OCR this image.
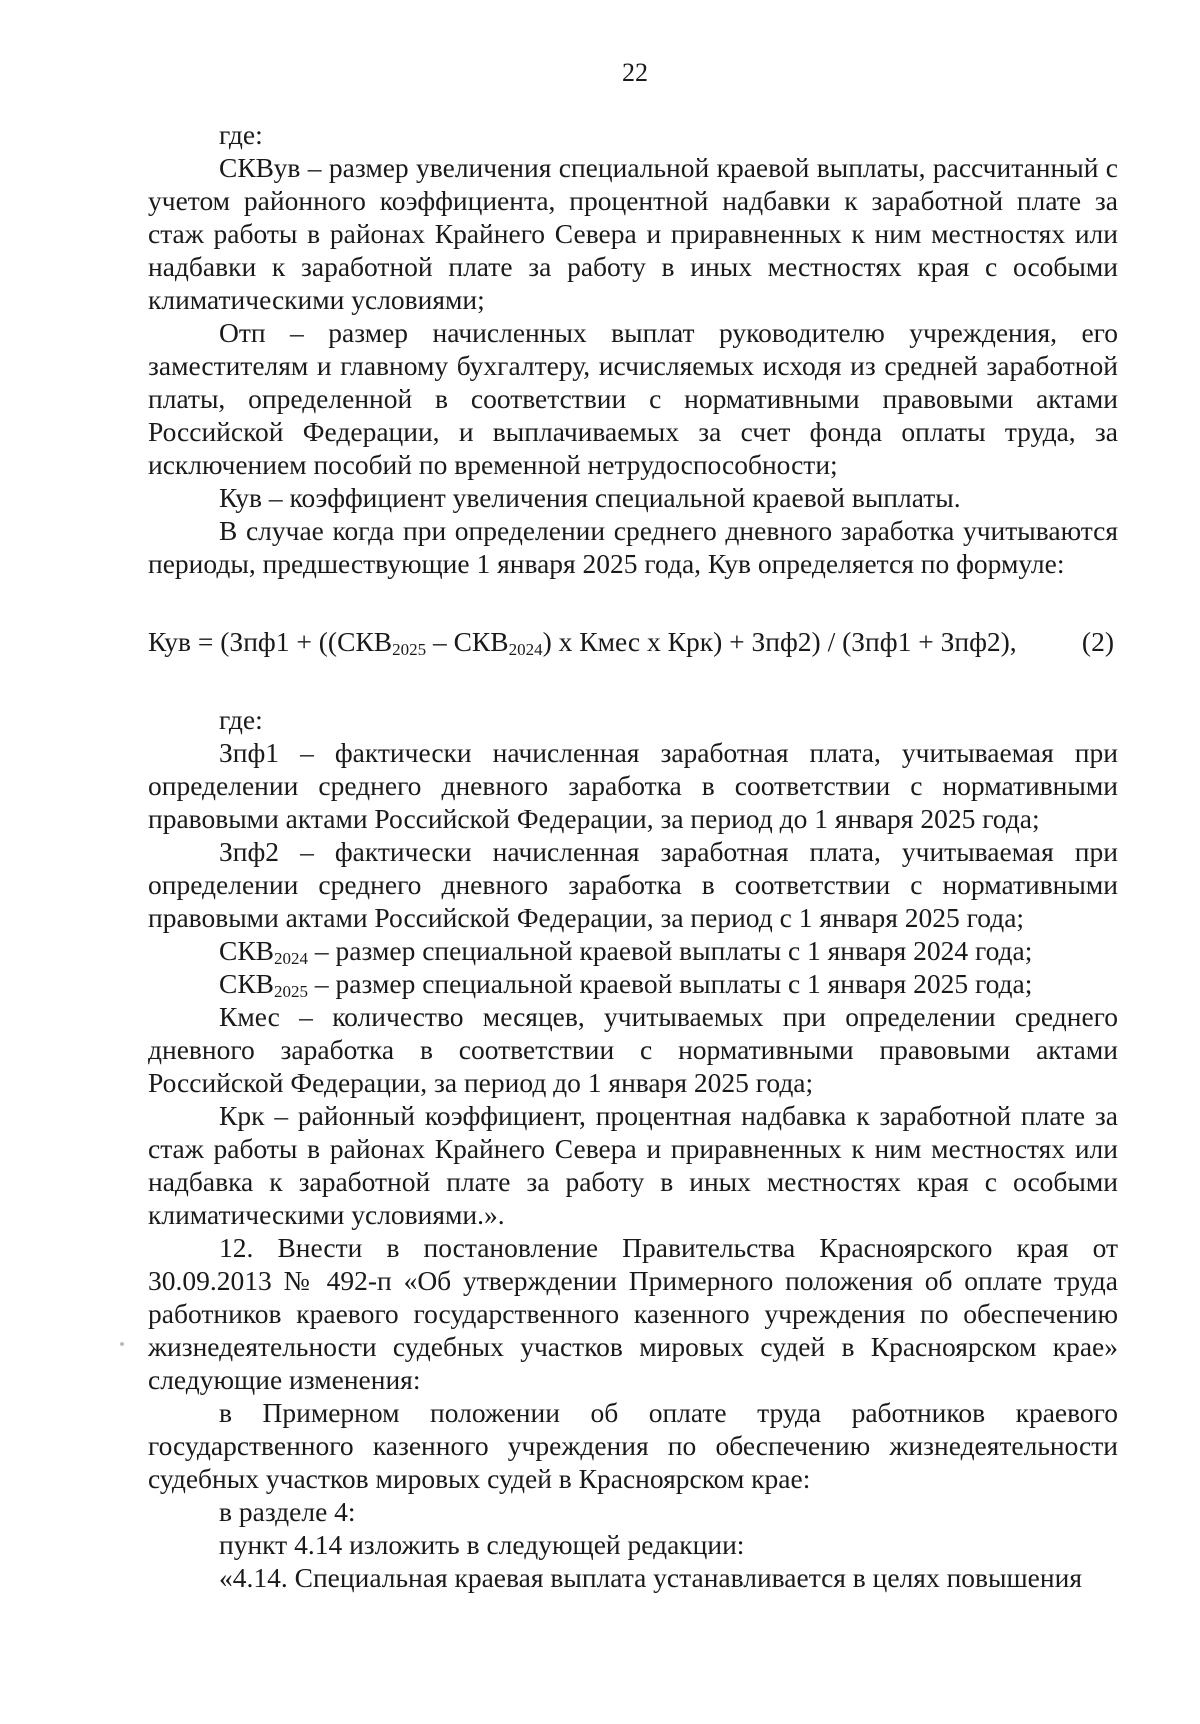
22

где:

СКВув – размер увеличения специальной краевой выплаты, рассчитанный с учетом районного коэффициента, процентной надбавки к заработной плате за стаж работы в районах Крайнего Севера и приравненных к ним местностях или надбавки к заработной плате за работу в иных местностях края с особыми климатическими условиями;

Отп – размер начисленных выплат руководителю учреждения, его заместителям и главному бухгалтеру, исчисляемых исходя из средней заработной платы, определенной в соответствии с нормативными правовыми актами Российской Федерации, и выплачиваемых за счет фонда оплаты труда, за исключением пособий по временной нетрудоспособности;

Кув – коэффициент увеличения специальной краевой выплаты.

В случае когда при определении среднего дневного заработка учитываются периоды, предшествующие 1 января 2025 года, Кув определяется по формуле:

Кув = ($Зпф1 + ((СКВ_{2025} - СКВ_{2024})$ х Кмес х Крк) + Зпф2) / (Зпф1 + Зпф2), (2)

где:

Зпф1 – фактически начисленная заработная плата, учитываемая при определении среднего дневного заработка в соответствии с нормативными правовыми актами Российской Федерации, за период до 1 января 2025 года;

Зпф2 – фактически начисленная заработная плата, учитываемая при определении среднего дневного заработка в соответствии с нормативными правовыми актами Российской Федерации, за период с 1 января 2025 года;

$СКВ_{2024}$ – размер специальной краевой выплаты с 1 января 2024 года;

$СКВ_{2025}$ – размер специальной краевой выплаты с 1 января 2025 года;

Кмес – количество месяцев, учитываемых при определении среднего дневного заработка в соответствии с нормативными правовыми актами Российской Федерации, за период до 1 января 2025 года;

Крк – районный коэффициент, процентная надбавка к заработной плате за стаж работы в районах Крайнего Севера и приравненных к ним местностях или надбавка к заработной плате за работу в иных местностях края с особыми климатическими условиями.».

12. Внести в постановление Правительства Красноярского края от 30.09.2013 № 492-п «Об утверждении Примерного положения об оплате труда работников краевого государственного казенного учреждения по обеспечению жизнедеятельности судебных участков мировых судей в Красноярском крае» следующие изменения:

в Примерном положении об оплате труда работников краевого государственного казенного учреждения по обеспечению жизнедеятельности судебных участков мировых судей в Красноярском крае:

в разделе 4:

пункт 4.14 изложить в следующей редакции:

«4.14. Специальная краевая выплата устанавливается в целях повышения
